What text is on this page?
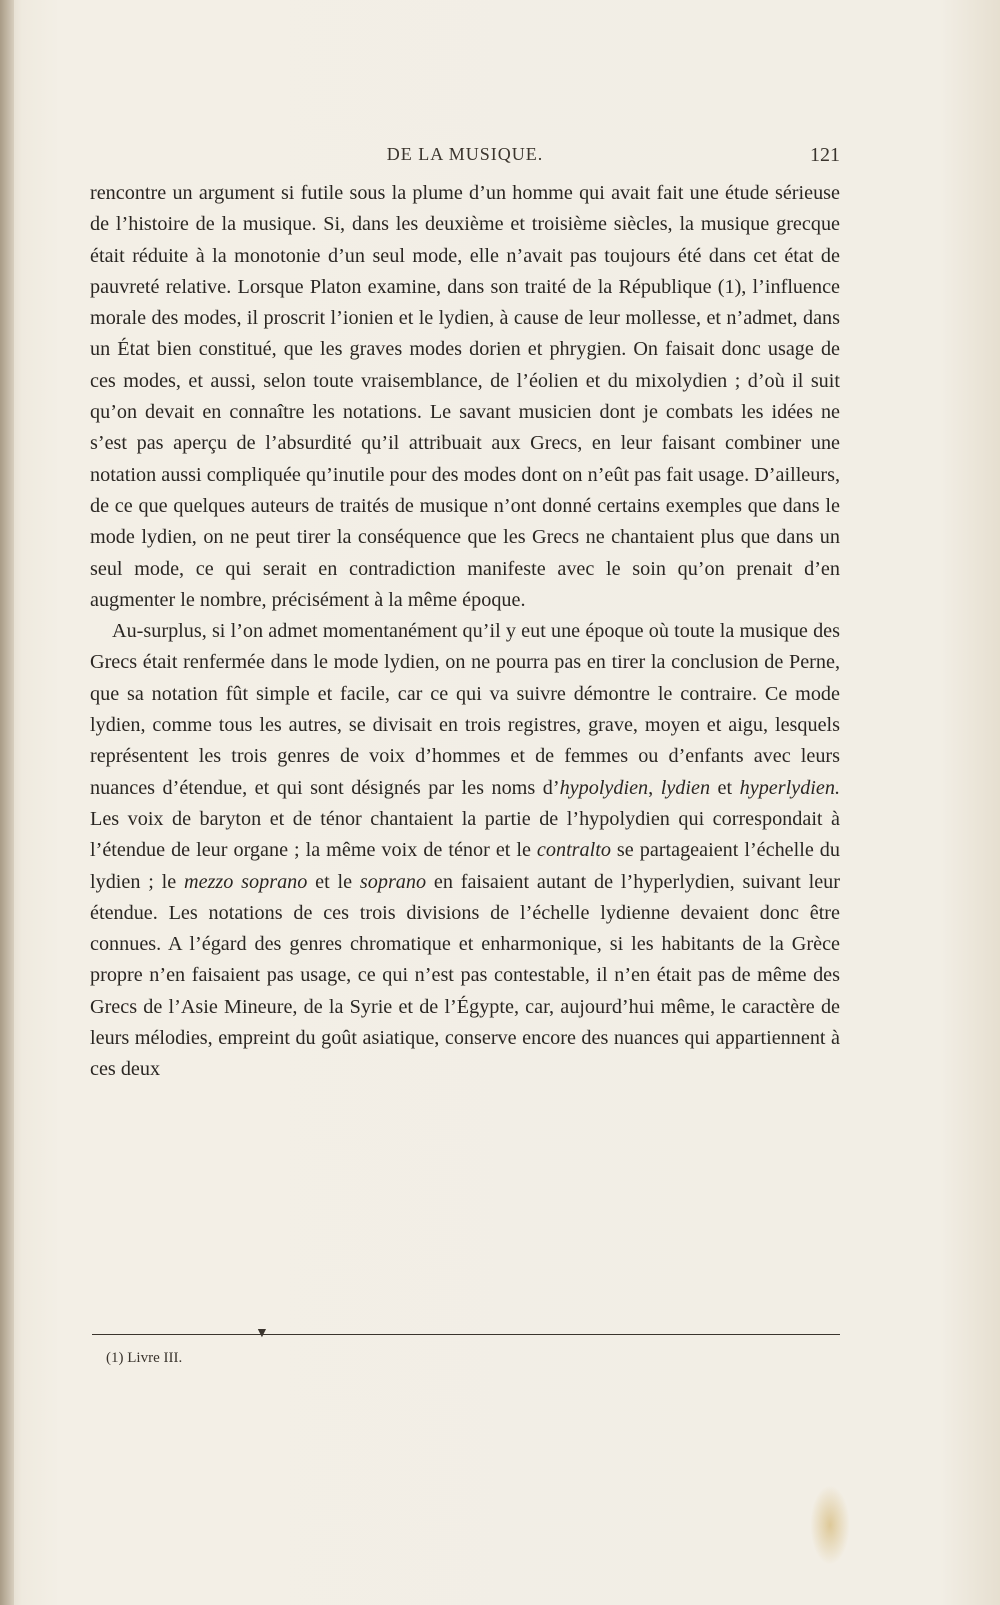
DE LA MUSIQUE.	121

rencontre un argument si futile sous la plume d’un homme qui avait fait une étude sérieuse de l’histoire de la musique. Si, dans les deuxième et troisième siècles, la musique grecque était réduite à la monotonie d’un seul mode, elle n’avait pas toujours été dans cet état de pauvreté relative. Lorsque Platon examine, dans son traité de la République (1), l’influence morale des modes, il proscrit l’ionien et le lydien, à cause de leur mollesse, et n’admet, dans un État bien constitué, que les graves modes dorien et phrygien. On faisait donc usage de ces modes, et aussi, selon toute vraisemblance, de l’éolien et du mixolydien ; d’où il suit qu’on devait en connaître les notations. Le savant musicien dont je combats les idées ne s’est pas aperçu de l’absurdité qu’il attribuait aux Grecs, en leur faisant combiner une notation aussi compliquée qu’inutile pour des modes dont on n’eût pas fait usage. D’ailleurs, de ce que quelques auteurs de traités de musique n’ont donné certains exemples que dans le mode lydien, on ne peut tirer la conséquence que les Grecs ne chantaient plus que dans un seul mode, ce qui serait en contradiction manifeste avec le soin qu’on prenait d’en augmenter le nombre, précisément à la même époque.

Au-surplus, si l’on admet momentanément qu’il y eut une époque où toute la musique des Grecs était renfermée dans le mode lydien, on ne pourra pas en tirer la conclusion de Perne, que sa notation fût simple et facile, car ce qui va suivre démontre le contraire. Ce mode lydien, comme tous les autres, se divisait en trois registres, grave, moyen et aigu, lesquels représentent les trois genres de voix d’hommes et de femmes ou d’enfants avec leurs nuances d’étendue, et qui sont désignés par les noms d’hypolydien, lydien et hyperlydien. Les voix de baryton et de ténor chantaient la partie de l’hypolydien qui correspondait à l’étendue de leur organe ; la même voix de ténor et le contralto se partageaient l’échelle du lydien ; le mezzo soprano et le soprano en faisaient autant de l’hyperlydien, suivant leur étendue. Les notations de ces trois divisions de l’échelle lydienne devaient donc être connues. A l’égard des genres chromatique et enharmonique, si les habitants de la Grèce propre n’en faisaient pas usage, ce qui n’est pas contestable, il n’en était pas de même des Grecs de l’Asie Mineure, de la Syrie et de l’Égypte, car, aujourd’hui même, le caractère de leurs mélodies, empreint du goût asiatique, conserve encore des nuances qui appartiennent à ces deux

▼
(1) Livre III.
